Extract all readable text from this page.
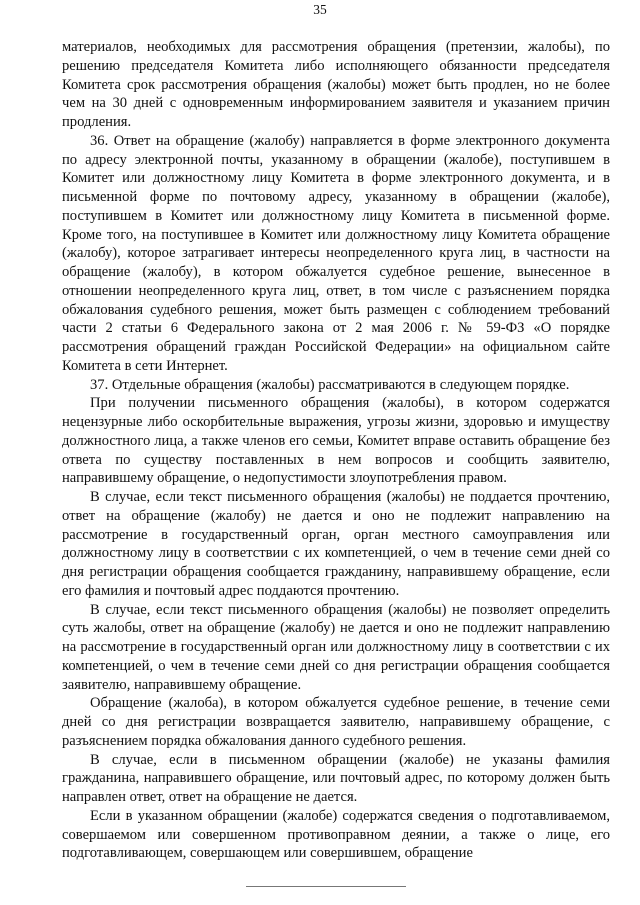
35

материалов, необходимых для рассмотрения обращения (претензии, жалобы), по решению председателя Комитета либо исполняющего обязанности председателя Комитета срок рассмотрения обращения (жалобы) может быть продлен, но не более чем на 30 дней с одновременным информированием заявителя и указанием причин продления.

36. Ответ на обращение (жалобу) направляется в форме электронного документа по адресу электронной почты, указанному в обращении (жалобе), поступившем в Комитет или должностному лицу Комитета в форме электронного документа, и в письменной форме по почтовому адресу, указанному в обращении (жалобе), поступившем в Комитет или должностному лицу Комитета в письменной форме. Кроме того, на поступившее в Комитет или должностному лицу Комитета обращение (жалобу), которое затрагивает интересы неопределенного круга лиц, в частности на обращение (жалобу), в котором обжалуется судебное решение, вынесенное в отношении неопределенного круга лиц, ответ, в том числе с разъяснением порядка обжалования судебного решения, может быть размещен с соблюдением требований части 2 статьи 6 Федерального закона от 2 мая 2006 г. № 59-ФЗ «О порядке рассмотрения обращений граждан Российской Федерации» на официальном сайте Комитета в сети Интернет.

37. Отдельные обращения (жалобы) рассматриваются в следующем порядке.

При получении письменного обращения (жалобы), в котором содержатся нецензурные либо оскорбительные выражения, угрозы жизни, здоровью и имуществу должностного лица, а также членов его семьи, Комитет вправе оставить обращение без ответа по существу поставленных в нем вопросов и сообщить заявителю, направившему обращение, о недопустимости злоупотребления правом.

В случае, если текст письменного обращения (жалобы) не поддается прочтению, ответ на обращение (жалобу) не дается и оно не подлежит направлению на рассмотрение в государственный орган, орган местного самоуправления или должностному лицу в соответствии с их компетенцией, о чем в течение семи дней со дня регистрации обращения сообщается гражданину, направившему обращение, если его фамилия и почтовый адрес поддаются прочтению.

В случае, если текст письменного обращения (жалобы) не позволяет определить суть жалобы, ответ на обращение (жалобу) не дается и оно не подлежит направлению на рассмотрение в государственный орган или должностному лицу в соответствии с их компетенцией, о чем в течение семи дней со дня регистрации обращения сообщается заявителю, направившему обращение.

Обращение (жалоба), в котором обжалуется судебное решение, в течение семи дней со дня регистрации возвращается заявителю, направившему обращение, с разъяснением порядка обжалования данного судебного решения.

В случае, если в письменном обращении (жалобе) не указаны фамилия гражданина, направившего обращение, или почтовый адрес, по которому должен быть направлен ответ, ответ на обращение не дается.

Если в указанном обращении (жалобе) содержатся сведения о подготавливаемом, совершаемом или совершенном противоправном деянии, а также о лице, его подготавливающем, совершающем или совершившем, обращение
